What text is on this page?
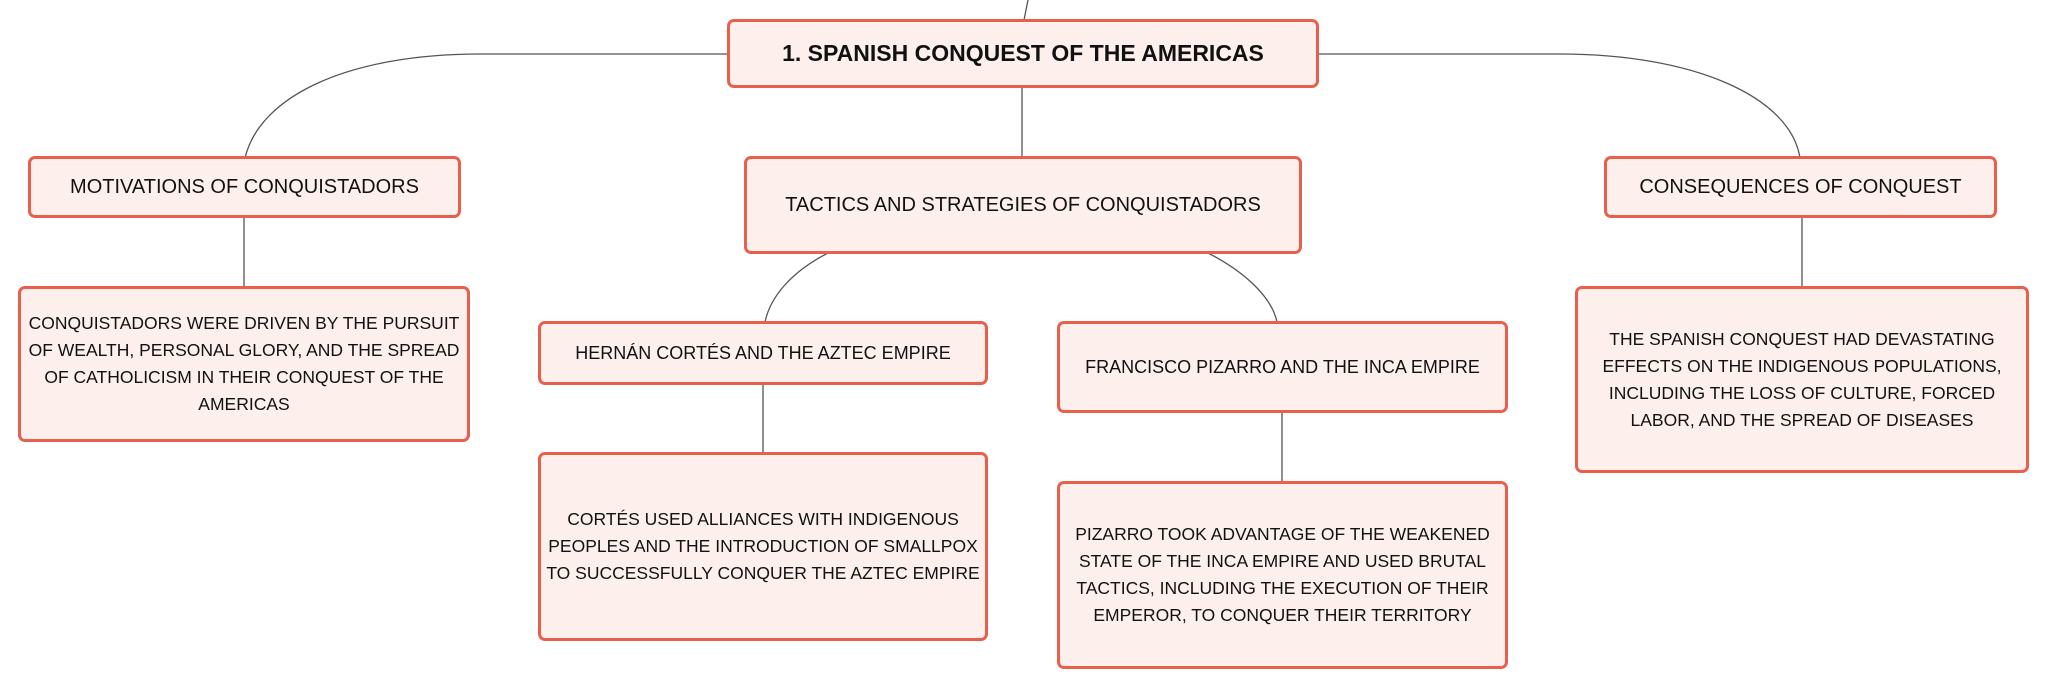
1. SPANISH CONQUEST OF THE AMERICAS
MOTIVATIONS OF CONQUISTADORS
CONQUISTADORS WERE DRIVEN BY THE PURSUIT OF WEALTH, PERSONAL GLORY, AND THE SPREAD OF CATHOLICISM IN THEIR CONQUEST OF THE AMERICAS
TACTICS AND STRATEGIES OF CONQUISTADORS
HERNÁN CORTÉS AND THE AZTEC EMPIRE
CORTÉS USED ALLIANCES WITH INDIGENOUS PEOPLES AND THE INTRODUCTION OF SMALLPOX TO SUCCESSFULLY CONQUER THE AZTEC EMPIRE
FRANCISCO PIZARRO AND THE INCA EMPIRE
PIZARRO TOOK ADVANTAGE OF THE WEAKENED STATE OF THE INCA EMPIRE AND USED BRUTAL TACTICS, INCLUDING THE EXECUTION OF THEIR EMPEROR, TO CONQUER THEIR TERRITORY
CONSEQUENCES OF CONQUEST
THE SPANISH CONQUEST HAD DEVASTATING EFFECTS ON THE INDIGENOUS POPULATIONS, INCLUDING THE LOSS OF CULTURE, FORCED LABOR, AND THE SPREAD OF DISEASES
